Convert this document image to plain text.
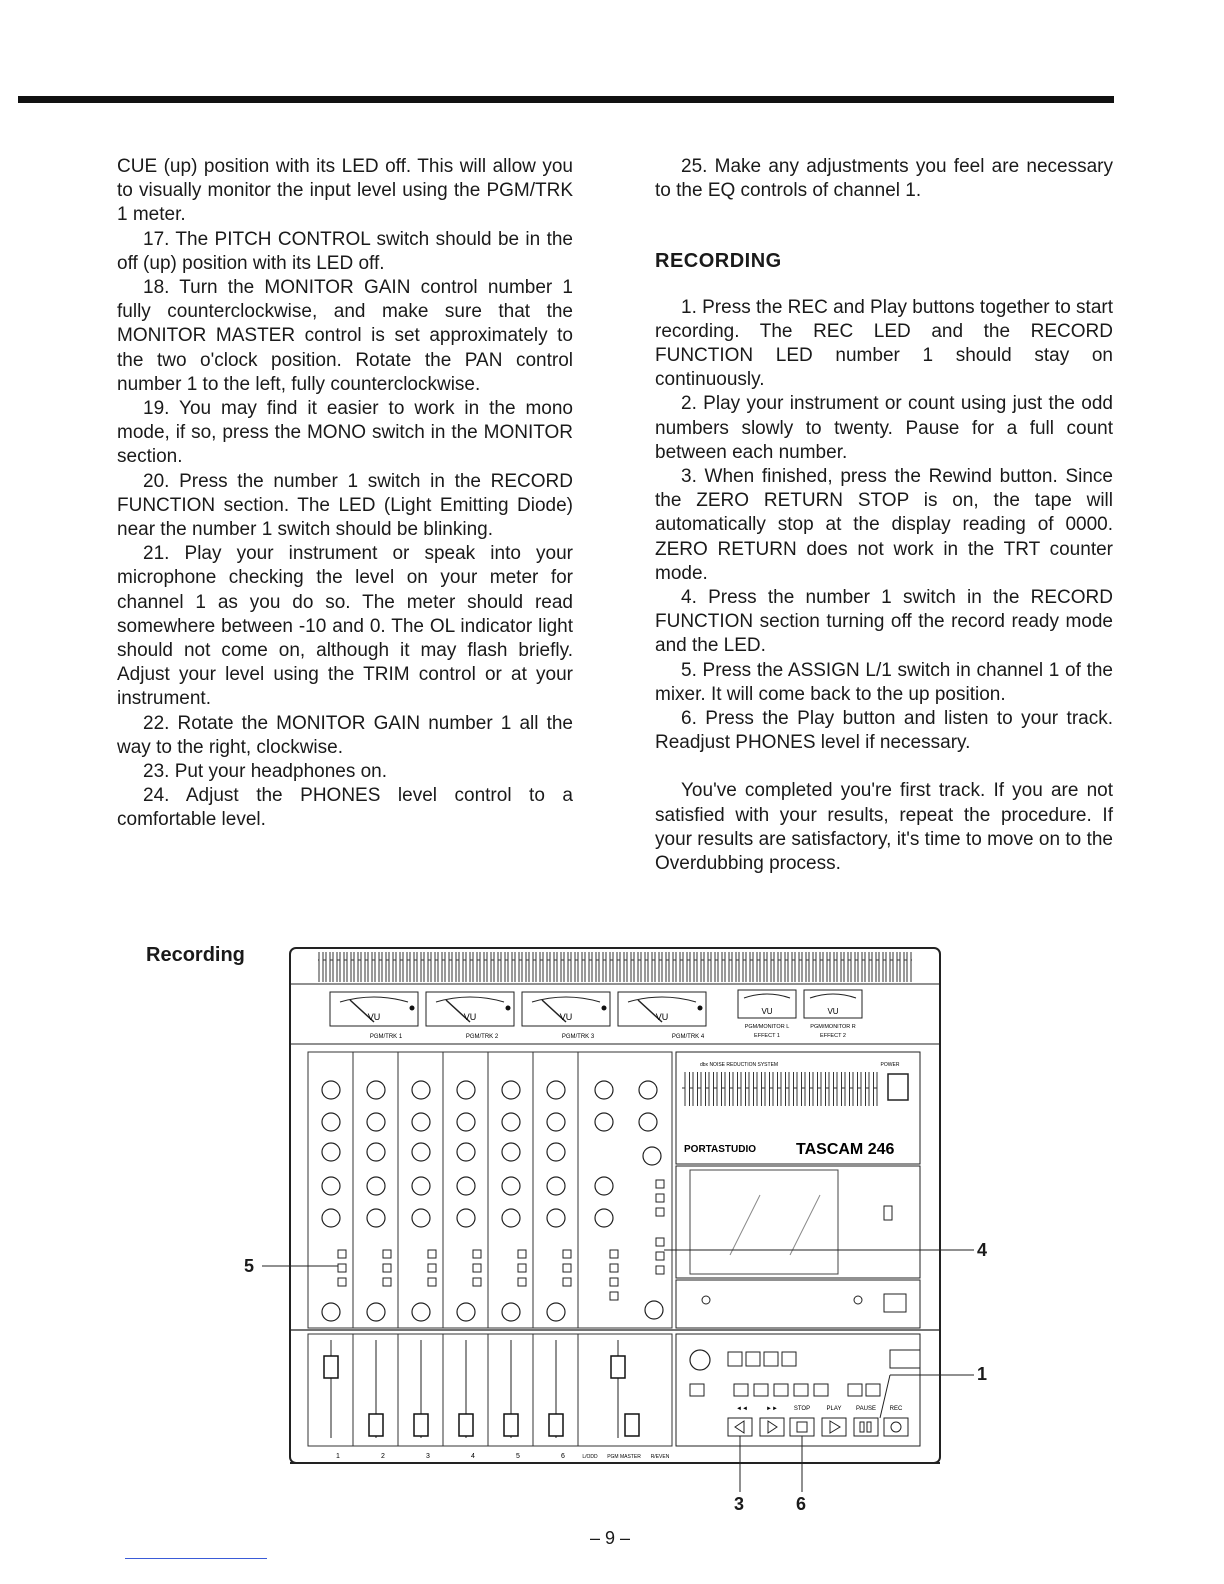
CUE (up) position with its LED off. This will allow you to visually monitor the input level using the PGM/TRK 1 meter.

17. The PITCH CONTROL switch should be in the off (up) position with its LED off.

18. Turn the MONITOR GAIN control number 1 fully counterclockwise, and make sure that the MONITOR MASTER control is set approximately to the two o'clock position. Rotate the PAN control number 1 to the left, fully counterclockwise.

19. You may find it easier to work in the mono mode, if so, press the MONO switch in the MONITOR section.

20. Press the number 1 switch in the RECORD FUNCTION section. The LED (Light Emitting Diode) near the number 1 switch should be blinking.

21. Play your instrument or speak into your microphone checking the level on your meter for channel 1 as you do so. The meter should read somewhere between -10 and 0. The OL indicator light should not come on, although it may flash briefly. Adjust your level using the TRIM control or at your instrument.

22. Rotate the MONITOR GAIN number 1 all the way to the right, clockwise.

23. Put your headphones on.

24. Adjust the PHONES level control to a comfortable level.

25. Make any adjustments you feel are necessary to the EQ controls of channel 1.

RECORDING

1. Press the REC and Play buttons together to start recording. The REC LED and the RECORD FUNCTION LED number 1 should stay on continuously.

2. Play your instrument or count using just the odd numbers slowly to twenty. Pause for a full count between each number.

3. When finished, press the Rewind button. Since the ZERO RETURN STOP is on, the tape will automatically stop at the display reading of 0000. ZERO RETURN does not work in the TRT counter mode.

4. Press the number 1 switch in the RECORD FUNCTION section turning off the record ready mode and the LED.

5. Press the ASSIGN L/1 switch in channel 1 of the mixer. It will come back to the up position.

6. Press the Play button and listen to your track. Readjust PHONES level if necessary.

You've completed you're first track. If you are not satisfied with your results, repeat the procedure. If your results are satisfactory, it's time to move on to the Overdubbing process.

Recording
VU	VU	VU	VU
PGM/TRK 1	PGM/TRK 2	PGM/TRK 3	PGM/TRK 4
VU	VU
PGM/MONITOR L	PGM/MONITOR R
EFFECT 1	EFFECT 2
dbx NOISE REDUCTION SYSTEM	POWER
PORTASTUDIO TASCAM 246
1	2	3	4	5	6	L/ODD PGM MASTER R/EVEN
◄◄	►►	STOP	PLAY PAUSE REC
5
4
1
3	6
– 9 –
